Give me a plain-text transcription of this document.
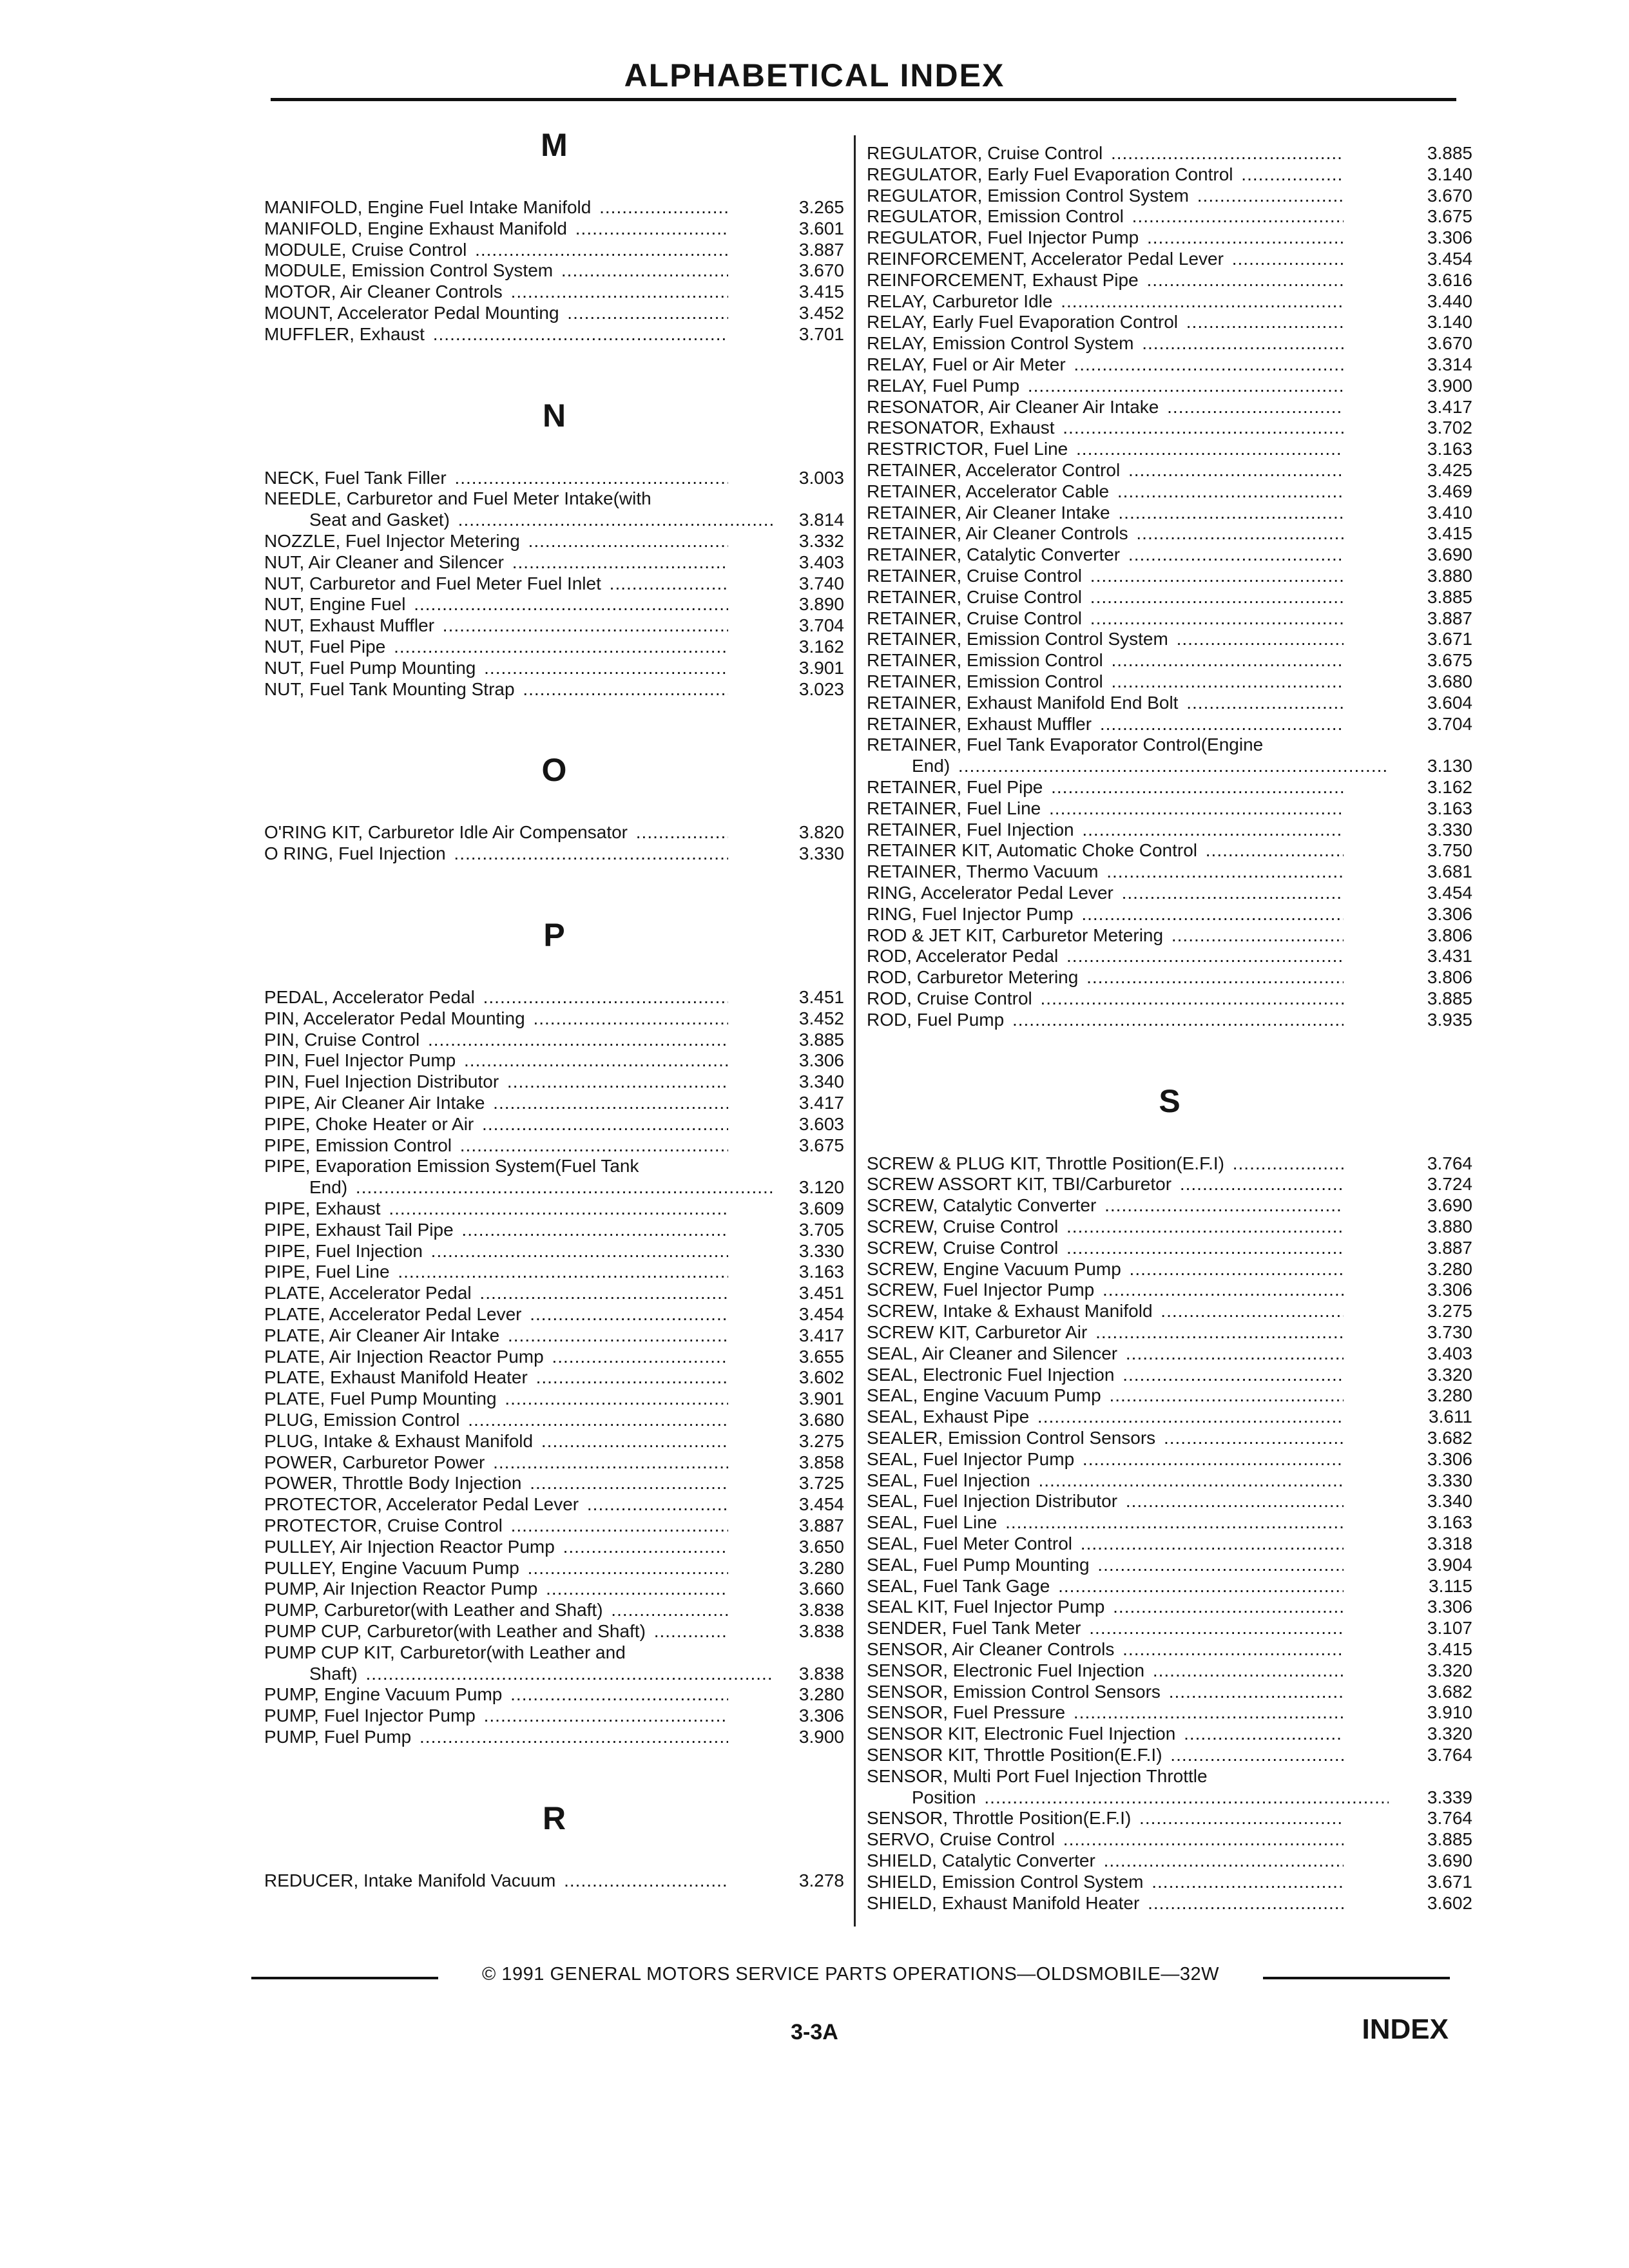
ALPHABETICAL INDEX
M
MANIFOLD, Engine Fuel Intake Manifold .....	3.265
MANIFOLD, Engine Exhaust Manifold .....	3.601
MODULE, Cruise Control .....	3.887
MODULE, Emission Control System .....	3.670
MOTOR, Air Cleaner Controls .....	3.415
MOUNT, Accelerator Pedal Mounting .....	3.452
MUFFLER, Exhaust .....	3.701
N
NECK, Fuel Tank Filler .....	3.003
NEEDLE, Carburetor and Fuel Meter Intake(with
Seat and Gasket) .....	3.814
NOZZLE, Fuel Injector Metering .....	3.332
NUT, Air Cleaner and Silencer .....	3.403
NUT, Carburetor and Fuel Meter Fuel Inlet .....	3.740
NUT, Engine Fuel .....	3.890
NUT, Exhaust Muffler .....	3.704
NUT, Fuel Pipe .....	3.162
NUT, Fuel Pump Mounting .....	3.901
NUT, Fuel Tank Mounting Strap .....	3.023
O
O'RING KIT, Carburetor Idle Air Compensator .....	3.820
O RING, Fuel Injection .....	3.330
P
PEDAL, Accelerator Pedal .....	3.451
PIN, Accelerator Pedal Mounting .....	3.452
PIN, Cruise Control .....	3.885
PIN, Fuel Injector Pump .....	3.306
PIN, Fuel Injection Distributor .....	3.340
PIPE, Air Cleaner Air Intake .....	3.417
PIPE, Choke Heater or Air .....	3.603
PIPE, Emission Control .....	3.675
PIPE, Evaporation Emission System(Fuel Tank
End) .....	3.120
PIPE, Exhaust .....	3.609
PIPE, Exhaust Tail Pipe .....	3.705
PIPE, Fuel Injection .....	3.330
PIPE, Fuel Line .....	3.163
PLATE, Accelerator Pedal .....	3.451
PLATE, Accelerator Pedal Lever .....	3.454
PLATE, Air Cleaner Air Intake .....	3.417
PLATE, Air Injection Reactor Pump .....	3.655
PLATE, Exhaust Manifold Heater .....	3.602
PLATE, Fuel Pump Mounting .....	3.901
PLUG, Emission Control .....	3.680
PLUG, Intake & Exhaust Manifold .....	3.275
POWER, Carburetor Power .....	3.858
POWER, Throttle Body Injection .....	3.725
PROTECTOR, Accelerator Pedal Lever .....	3.454
PROTECTOR, Cruise Control .....	3.887
PULLEY, Air Injection Reactor Pump .....	3.650
PULLEY, Engine Vacuum Pump .....	3.280
PUMP, Air Injection Reactor Pump .....	3.660
PUMP, Carburetor(with Leather and Shaft) .....	3.838
PUMP CUP, Carburetor(with Leather and Shaft) .....	3.838
PUMP CUP KIT, Carburetor(with Leather and
Shaft) .....	3.838
PUMP, Engine Vacuum Pump .....	3.280
PUMP, Fuel Injector Pump .....	3.306
PUMP, Fuel Pump .....	3.900
R
REDUCER, Intake Manifold Vacuum .....	3.278
REGULATOR, Cruise Control .....	3.885
REGULATOR, Early Fuel Evaporation Control .....	3.140
REGULATOR, Emission Control System .....	3.670
REGULATOR, Emission Control .....	3.675
REGULATOR, Fuel Injector Pump .....	3.306
REINFORCEMENT, Accelerator Pedal Lever .....	3.454
REINFORCEMENT, Exhaust Pipe .....	3.616
RELAY, Carburetor Idle .....	3.440
RELAY, Early Fuel Evaporation Control .....	3.140
RELAY, Emission Control System .....	3.670
RELAY, Fuel or Air Meter .....	3.314
RELAY, Fuel Pump .....	3.900
RESONATOR, Air Cleaner Air Intake .....	3.417
RESONATOR, Exhaust .....	3.702
RESTRICTOR, Fuel Line .....	3.163
RETAINER, Accelerator Control .....	3.425
RETAINER, Accelerator Cable .....	3.469
RETAINER, Air Cleaner Intake .....	3.410
RETAINER, Air Cleaner Controls .....	3.415
RETAINER, Catalytic Converter .....	3.690
RETAINER, Cruise Control .....	3.880
RETAINER, Cruise Control .....	3.885
RETAINER, Cruise Control .....	3.887
RETAINER, Emission Control System .....	3.671
RETAINER, Emission Control .....	3.675
RETAINER, Emission Control .....	3.680
RETAINER, Exhaust Manifold End Bolt .....	3.604
RETAINER, Exhaust Muffler .....	3.704
RETAINER, Fuel Tank Evaporator Control(Engine
End) .....	3.130
RETAINER, Fuel Pipe .....	3.162
RETAINER, Fuel Line .....	3.163
RETAINER, Fuel Injection .....	3.330
RETAINER KIT, Automatic Choke Control .....	3.750
RETAINER, Thermo Vacuum .....	3.681
RING, Accelerator Pedal Lever .....	3.454
RING, Fuel Injector Pump .....	3.306
ROD & JET KIT, Carburetor Metering .....	3.806
ROD, Accelerator Pedal .....	3.431
ROD, Carburetor Metering .....	3.806
ROD, Cruise Control .....	3.885
ROD, Fuel Pump .....	3.935
S
SCREW & PLUG KIT, Throttle Position(E.F.I) .....	3.764
SCREW ASSORT KIT, TBI/Carburetor .....	3.724
SCREW, Catalytic Converter .....	3.690
SCREW, Cruise Control .....	3.880
SCREW, Cruise Control .....	3.887
SCREW, Engine Vacuum Pump .....	3.280
SCREW, Fuel Injector Pump .....	3.306
SCREW, Intake & Exhaust Manifold .....	3.275
SCREW KIT, Carburetor Air .....	3.730
SEAL, Air Cleaner and Silencer .....	3.403
SEAL, Electronic Fuel Injection .....	3.320
SEAL, Engine Vacuum Pump .....	3.280
SEAL, Exhaust Pipe .....	3.611
SEALER, Emission Control Sensors .....	3.682
SEAL, Fuel Injector Pump .....	3.306
SEAL, Fuel Injection .....	3.330
SEAL, Fuel Injection Distributor .....	3.340
SEAL, Fuel Line .....	3.163
SEAL, Fuel Meter Control .....	3.318
SEAL, Fuel Pump Mounting .....	3.904
SEAL, Fuel Tank Gage .....	3.115
SEAL KIT, Fuel Injector Pump .....	3.306
SENDER, Fuel Tank Meter .....	3.107
SENSOR, Air Cleaner Controls .....	3.415
SENSOR, Electronic Fuel Injection .....	3.320
SENSOR, Emission Control Sensors .....	3.682
SENSOR, Fuel Pressure .....	3.910
SENSOR KIT, Electronic Fuel Injection .....	3.320
SENSOR KIT, Throttle Position(E.F.I) .....	3.764
SENSOR, Multi Port Fuel Injection Throttle
Position .....	3.339
SENSOR, Throttle Position(E.F.I) .....	3.764
SERVO, Cruise Control .....	3.885
SHIELD, Catalytic Converter .....	3.690
SHIELD, Emission Control System .....	3.671
SHIELD, Exhaust Manifold Heater .....	3.602
© 1991 GENERAL MOTORS SERVICE PARTS OPERATIONS—OLDSMOBILE—32W
3-3A	INDEX
